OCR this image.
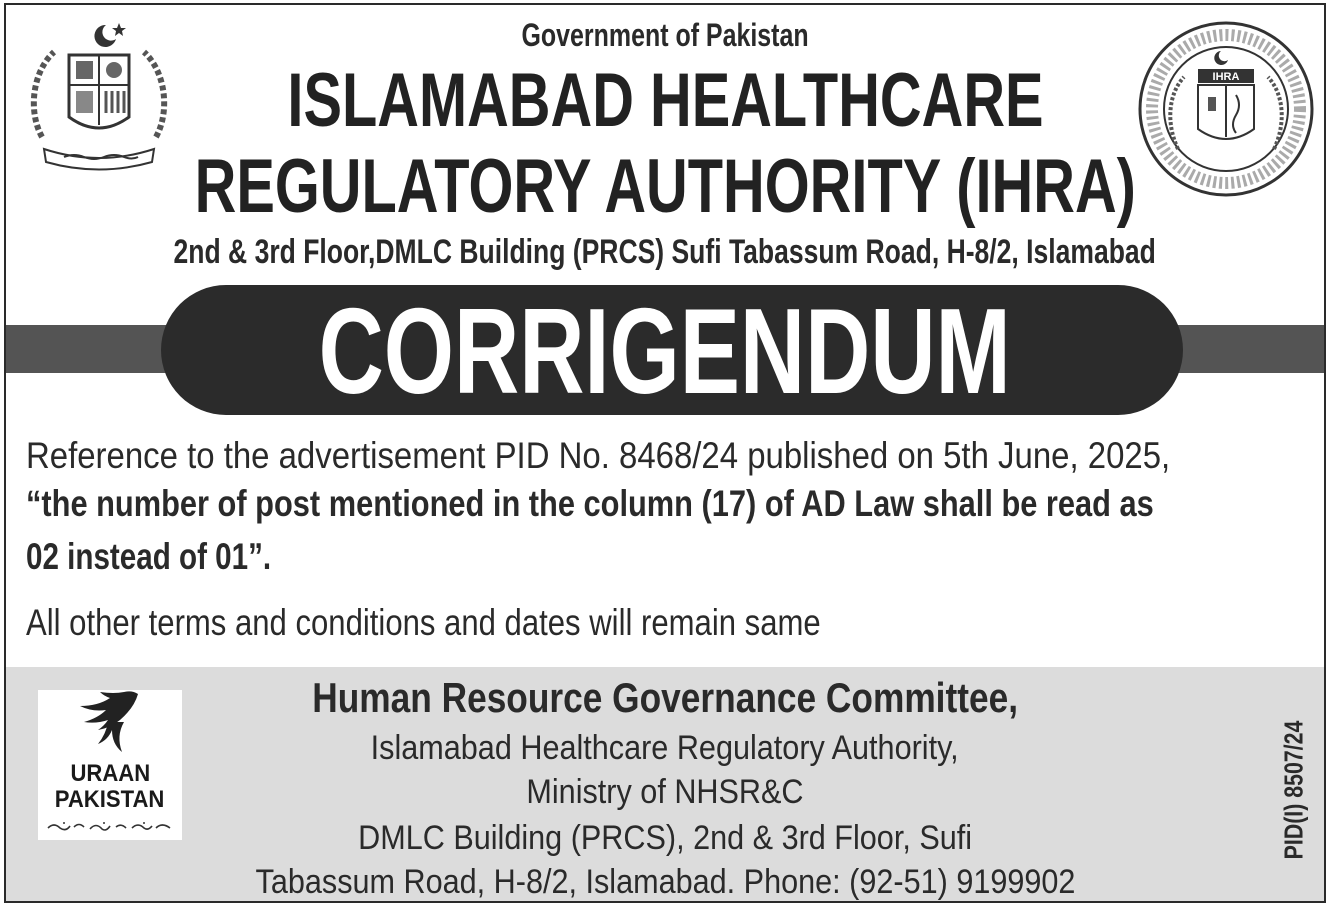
IHRA
Government of Pakistan
ISLAMABAD HEALTHCARE
REGULATORY AUTHORITY (IHRA)
2nd & 3rd Floor,DMLC Building (PRCS) Sufi Tabassum Road, H-8/2, Islamabad
CORRIGENDUM
Reference to the advertisement PID No. 8468/24 published on 5th June, 2025,
“the number of post mentioned in the column (17) of AD Law shall be read as
02 instead of 01”.
All other terms and conditions and dates will remain same
URAAN
PAKISTAN
Human Resource Governance Committee,
Islamabad Healthcare Regulatory Authority,
Ministry of NHSR&C
DMLC Building (PRCS), 2nd & 3rd Floor, Sufi
Tabassum Road, H-8/2, Islamabad. Phone: (92-51) 9199902
PID(I) 8507/24
